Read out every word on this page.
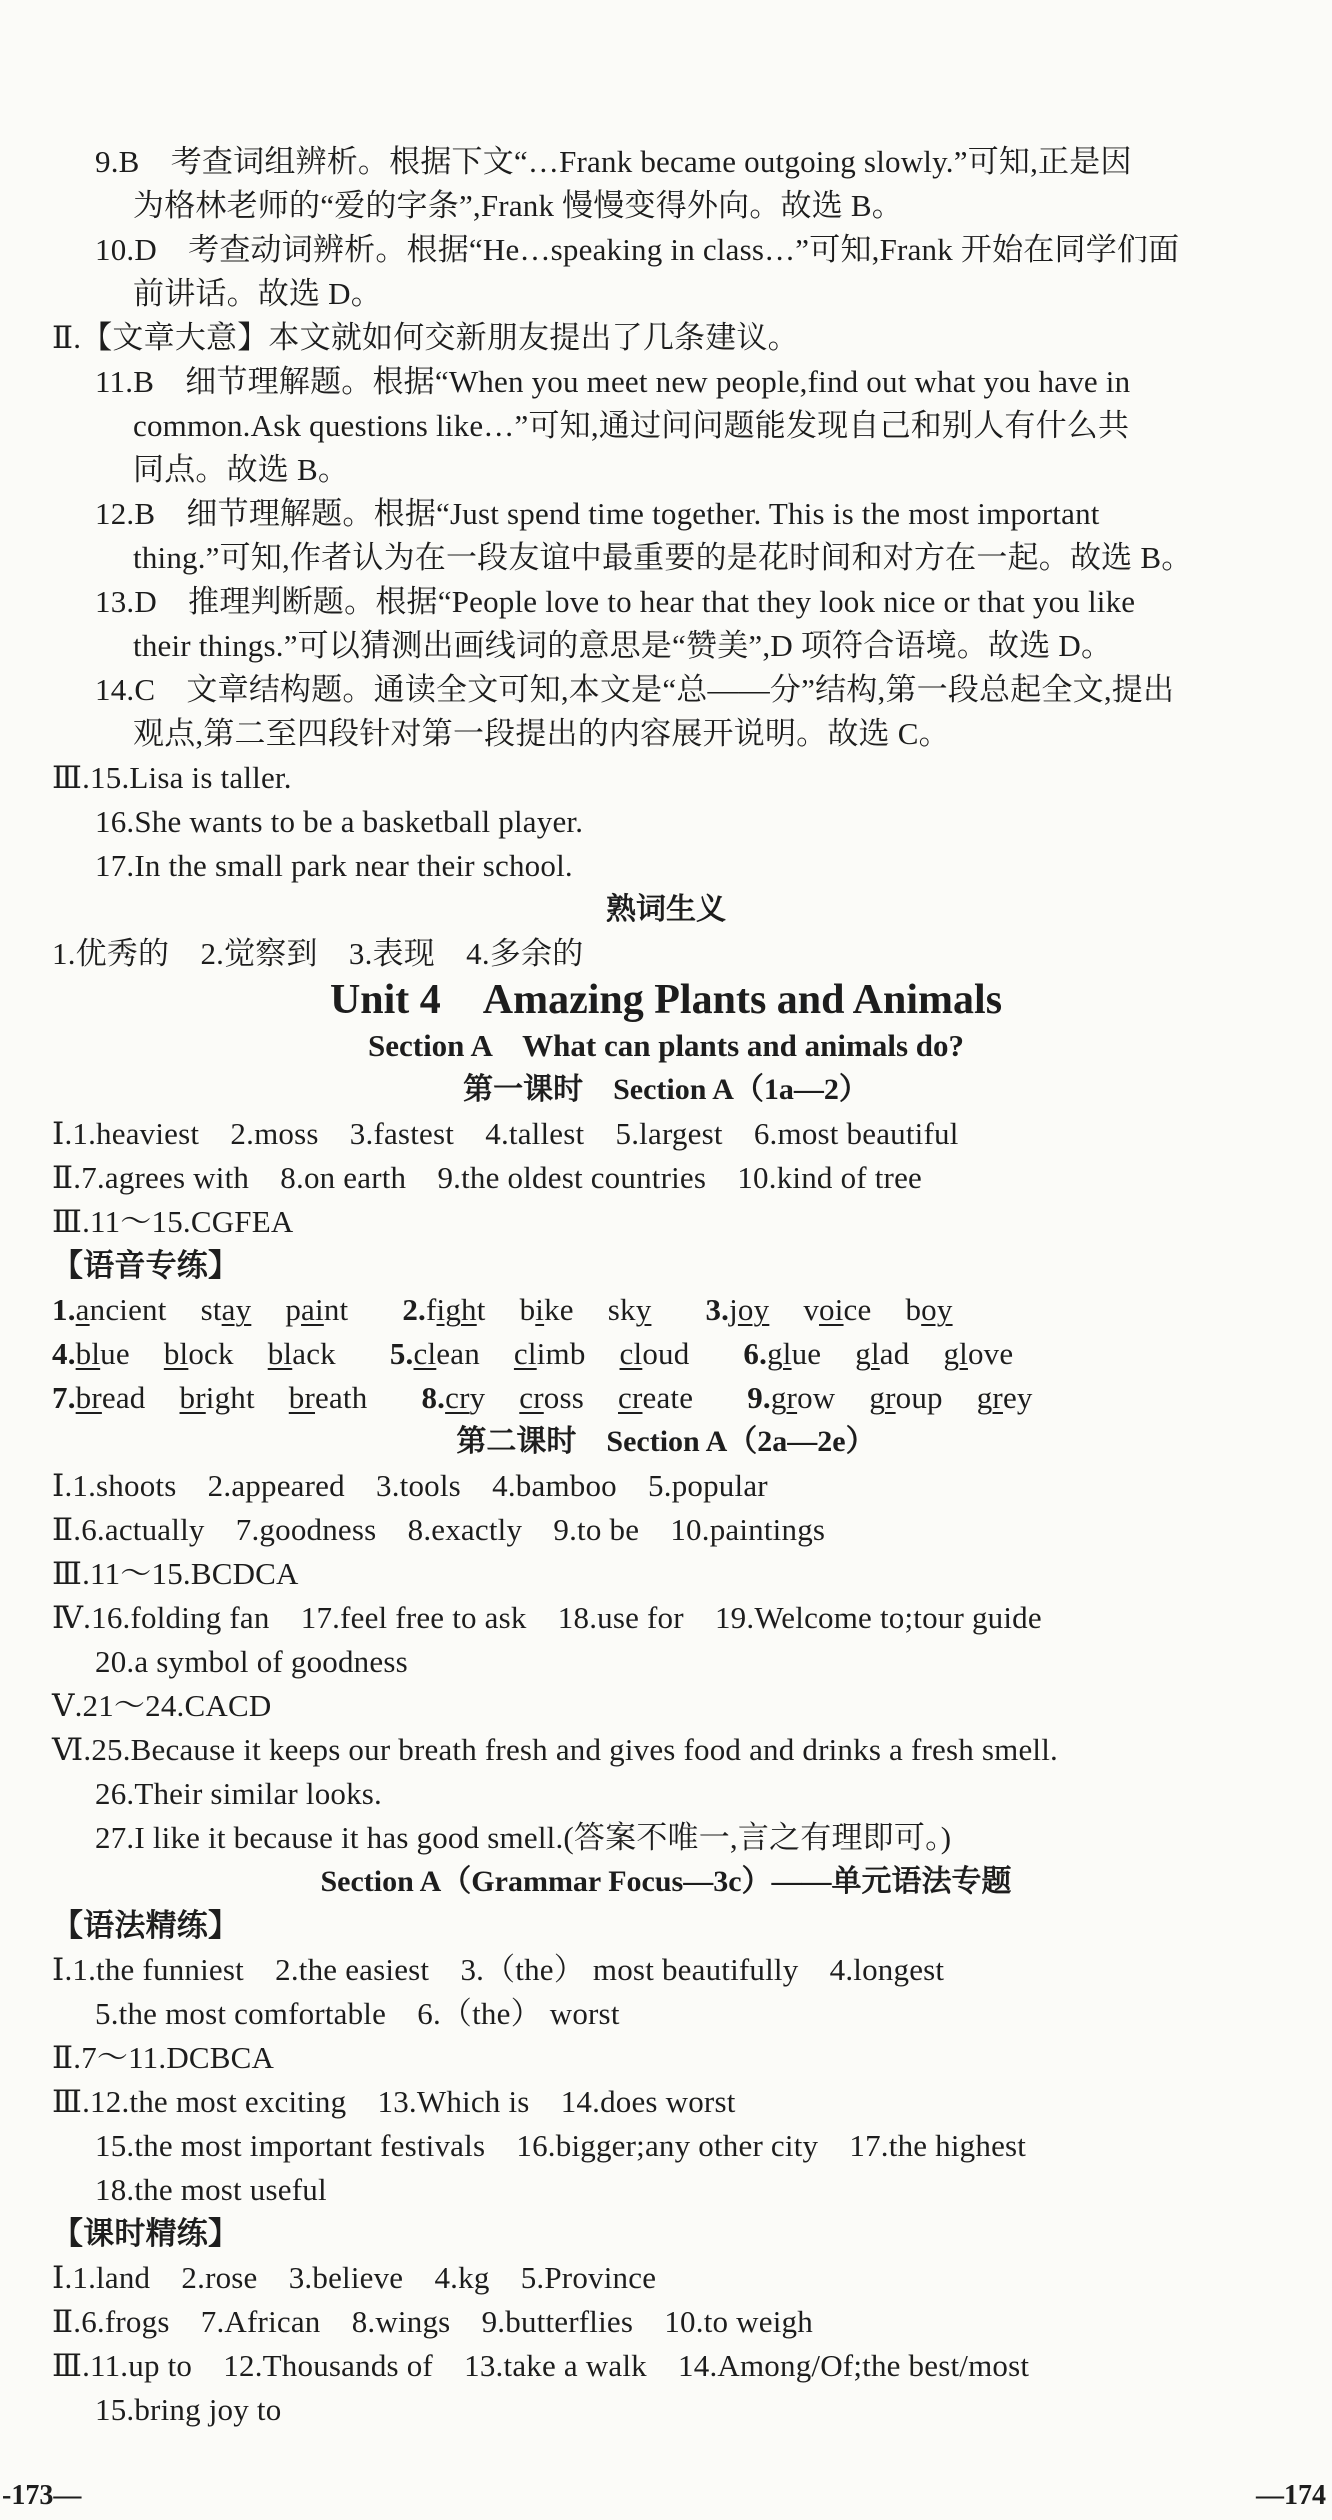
9.B　考查词组辨析。根据下文“…Frank became outgoing slowly.”可知,正是因
为格林老师的“爱的字条”,Frank 慢慢变得外向。故选 B。
10.D　考查动词辨析。根据“He…speaking in class…”可知,Frank 开始在同学们面
前讲话。故选 D。
Ⅱ.【文章大意】本文就如何交新朋友提出了几条建议。
11.B　细节理解题。根据“When you meet new people,find out what you have in
common.Ask questions like…”可知,通过问问题能发现自己和别人有什么共
同点。故选 B。
12.B　细节理解题。根据“Just spend time together. This is the most important
thing.”可知,作者认为在一段友谊中最重要的是花时间和对方在一起。故选 B。
13.D　推理判断题。根据“People love to hear that they look nice or that you like
their things.”可以猜测出画线词的意思是“赞美”,D 项符合语境。故选 D。
14.C　文章结构题。通读全文可知,本文是“总——分”结构,第一段总起全文,提出
观点,第二至四段针对第一段提出的内容展开说明。故选 C。
Ⅲ.15.Lisa is taller.
16.She wants to be a basketball player.
17.In the small park near their school.
熟词生义
1.优秀的　2.觉察到　3.表现　4.多余的
Unit 4　Amazing Plants and Animals
Section A　What can plants and animals do?
第一课时　Section A（1a—2）
Ⅰ.1.heaviest　2.moss　3.fastest　4.tallest　5.largest　6.most beautiful
Ⅱ.7.agrees with　8.on earth　9.the oldest countries　10.kind of tree
Ⅲ.11～15.CGFEA
【语音专练】
1.ancient stay paint 2.fight bike sky 3.joy voice boy
4.blue block black 5.clean climb cloud 6.glue glad glove
7.bread bright breath 8.cry cross create 9.grow group grey
第二课时　Section A（2a—2e）
Ⅰ.1.shoots　2.appeared　3.tools　4.bamboo　5.popular
Ⅱ.6.actually　7.goodness　8.exactly　9.to be　10.paintings
Ⅲ.11～15.BCDCA
Ⅳ.16.folding fan　17.feel free to ask　18.use for　19.Welcome to;tour guide
20.a symbol of goodness
Ⅴ.21～24.CACD
Ⅵ.25.Because it keeps our breath fresh and gives food and drinks a fresh smell.
26.Their similar looks.
27.I like it because it has good smell.(答案不唯一,言之有理即可。)
Section A（Grammar Focus—3c）——单元语法专题
【语法精练】
Ⅰ.1.the funniest　2.the easiest　3.（the） most beautifully　4.longest
5.the most comfortable　6.（the） worst
Ⅱ.7～11.DCBCA
Ⅲ.12.the most exciting　13.Which is　14.does worst
15.the most important festivals　16.bigger;any other city　17.the highest
18.the most useful
【课时精练】
Ⅰ.1.land　2.rose　3.believe　4.kg　5.Province
Ⅱ.6.frogs　7.African　8.wings　9.butterflies　10.to weigh
Ⅲ.11.up to　12.Thousands of　13.take a walk　14.Among/Of;the best/most
15.bring joy to
-173—	—174
